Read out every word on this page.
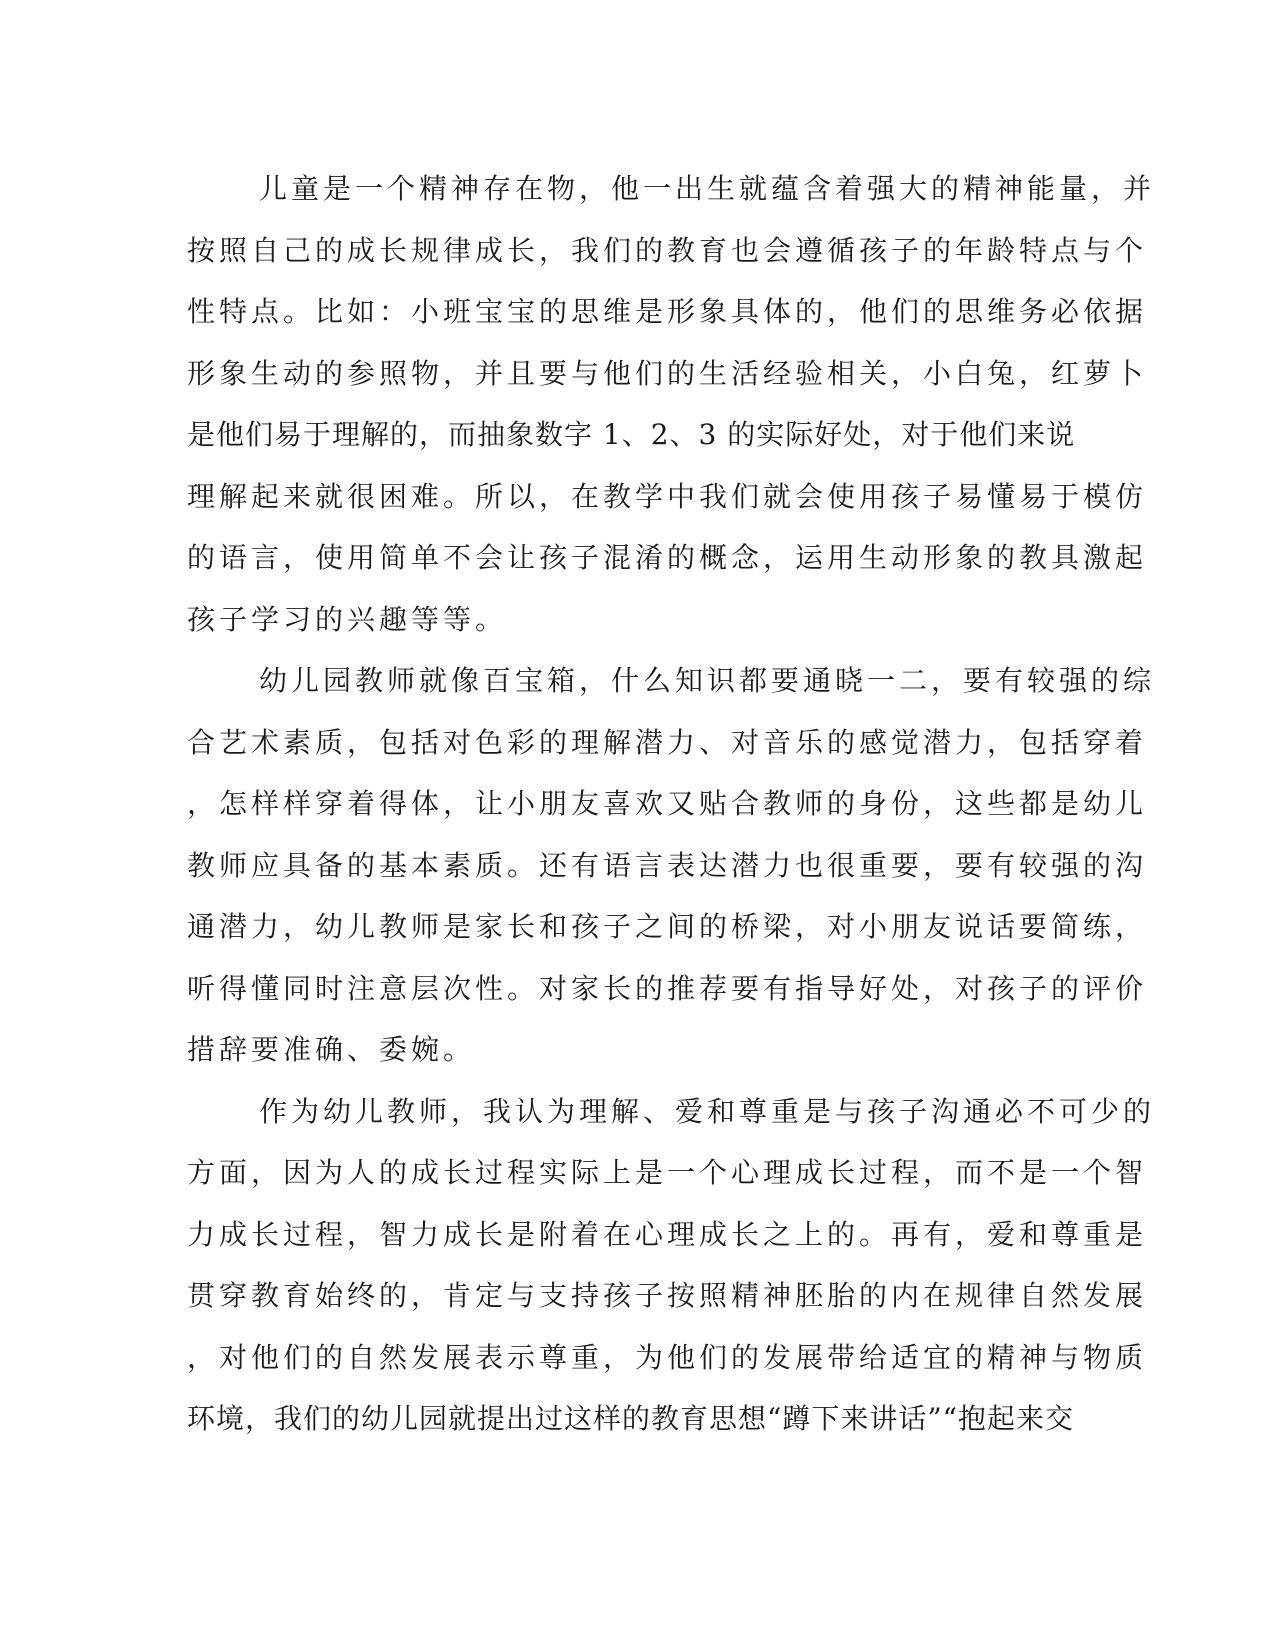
儿童是一个精神存在物，他一出生就蕴含着强大的精神能量，并
按照自己的成长规律成长，我们的教育也会遵循孩子的年龄特点与个
性特点。比如：小班宝宝的思维是形象具体的，他们的思维务必依据
形象生动的参照物，并且要与他们的生活经验相关，小白兔，红萝卜
是他们易于理解的，而抽象数字 1、2、3 的实际好处，对于他们来说
理解起来就很困难。所以，在教学中我们就会使用孩子易懂易于模仿
的语言，使用简单不会让孩子混淆的概念，运用生动形象的教具激起
孩子学习的兴趣等等。
幼儿园教师就像百宝箱，什么知识都要通晓一二，要有较强的综
合艺术素质，包括对色彩的理解潜力、对音乐的感觉潜力，包括穿着
，怎样样穿着得体，让小朋友喜欢又贴合教师的身份，这些都是幼儿
教师应具备的基本素质。还有语言表达潜力也很重要，要有较强的沟
通潜力，幼儿教师是家长和孩子之间的桥梁，对小朋友说话要简练，
听得懂同时注意层次性。对家长的推荐要有指导好处，对孩子的评价
措辞要准确、委婉。
作为幼儿教师，我认为理解、爱和尊重是与孩子沟通必不可少的
方面，因为人的成长过程实际上是一个心理成长过程，而不是一个智
力成长过程，智力成长是附着在心理成长之上的。再有，爱和尊重是
贯穿教育始终的，肯定与支持孩子按照精神胚胎的内在规律自然发展
，对他们的自然发展表示尊重，为他们的发展带给适宜的精神与物质
环境，我们的幼儿园就提出过这样的教育思想“蹲下来讲话”“抱起来交
